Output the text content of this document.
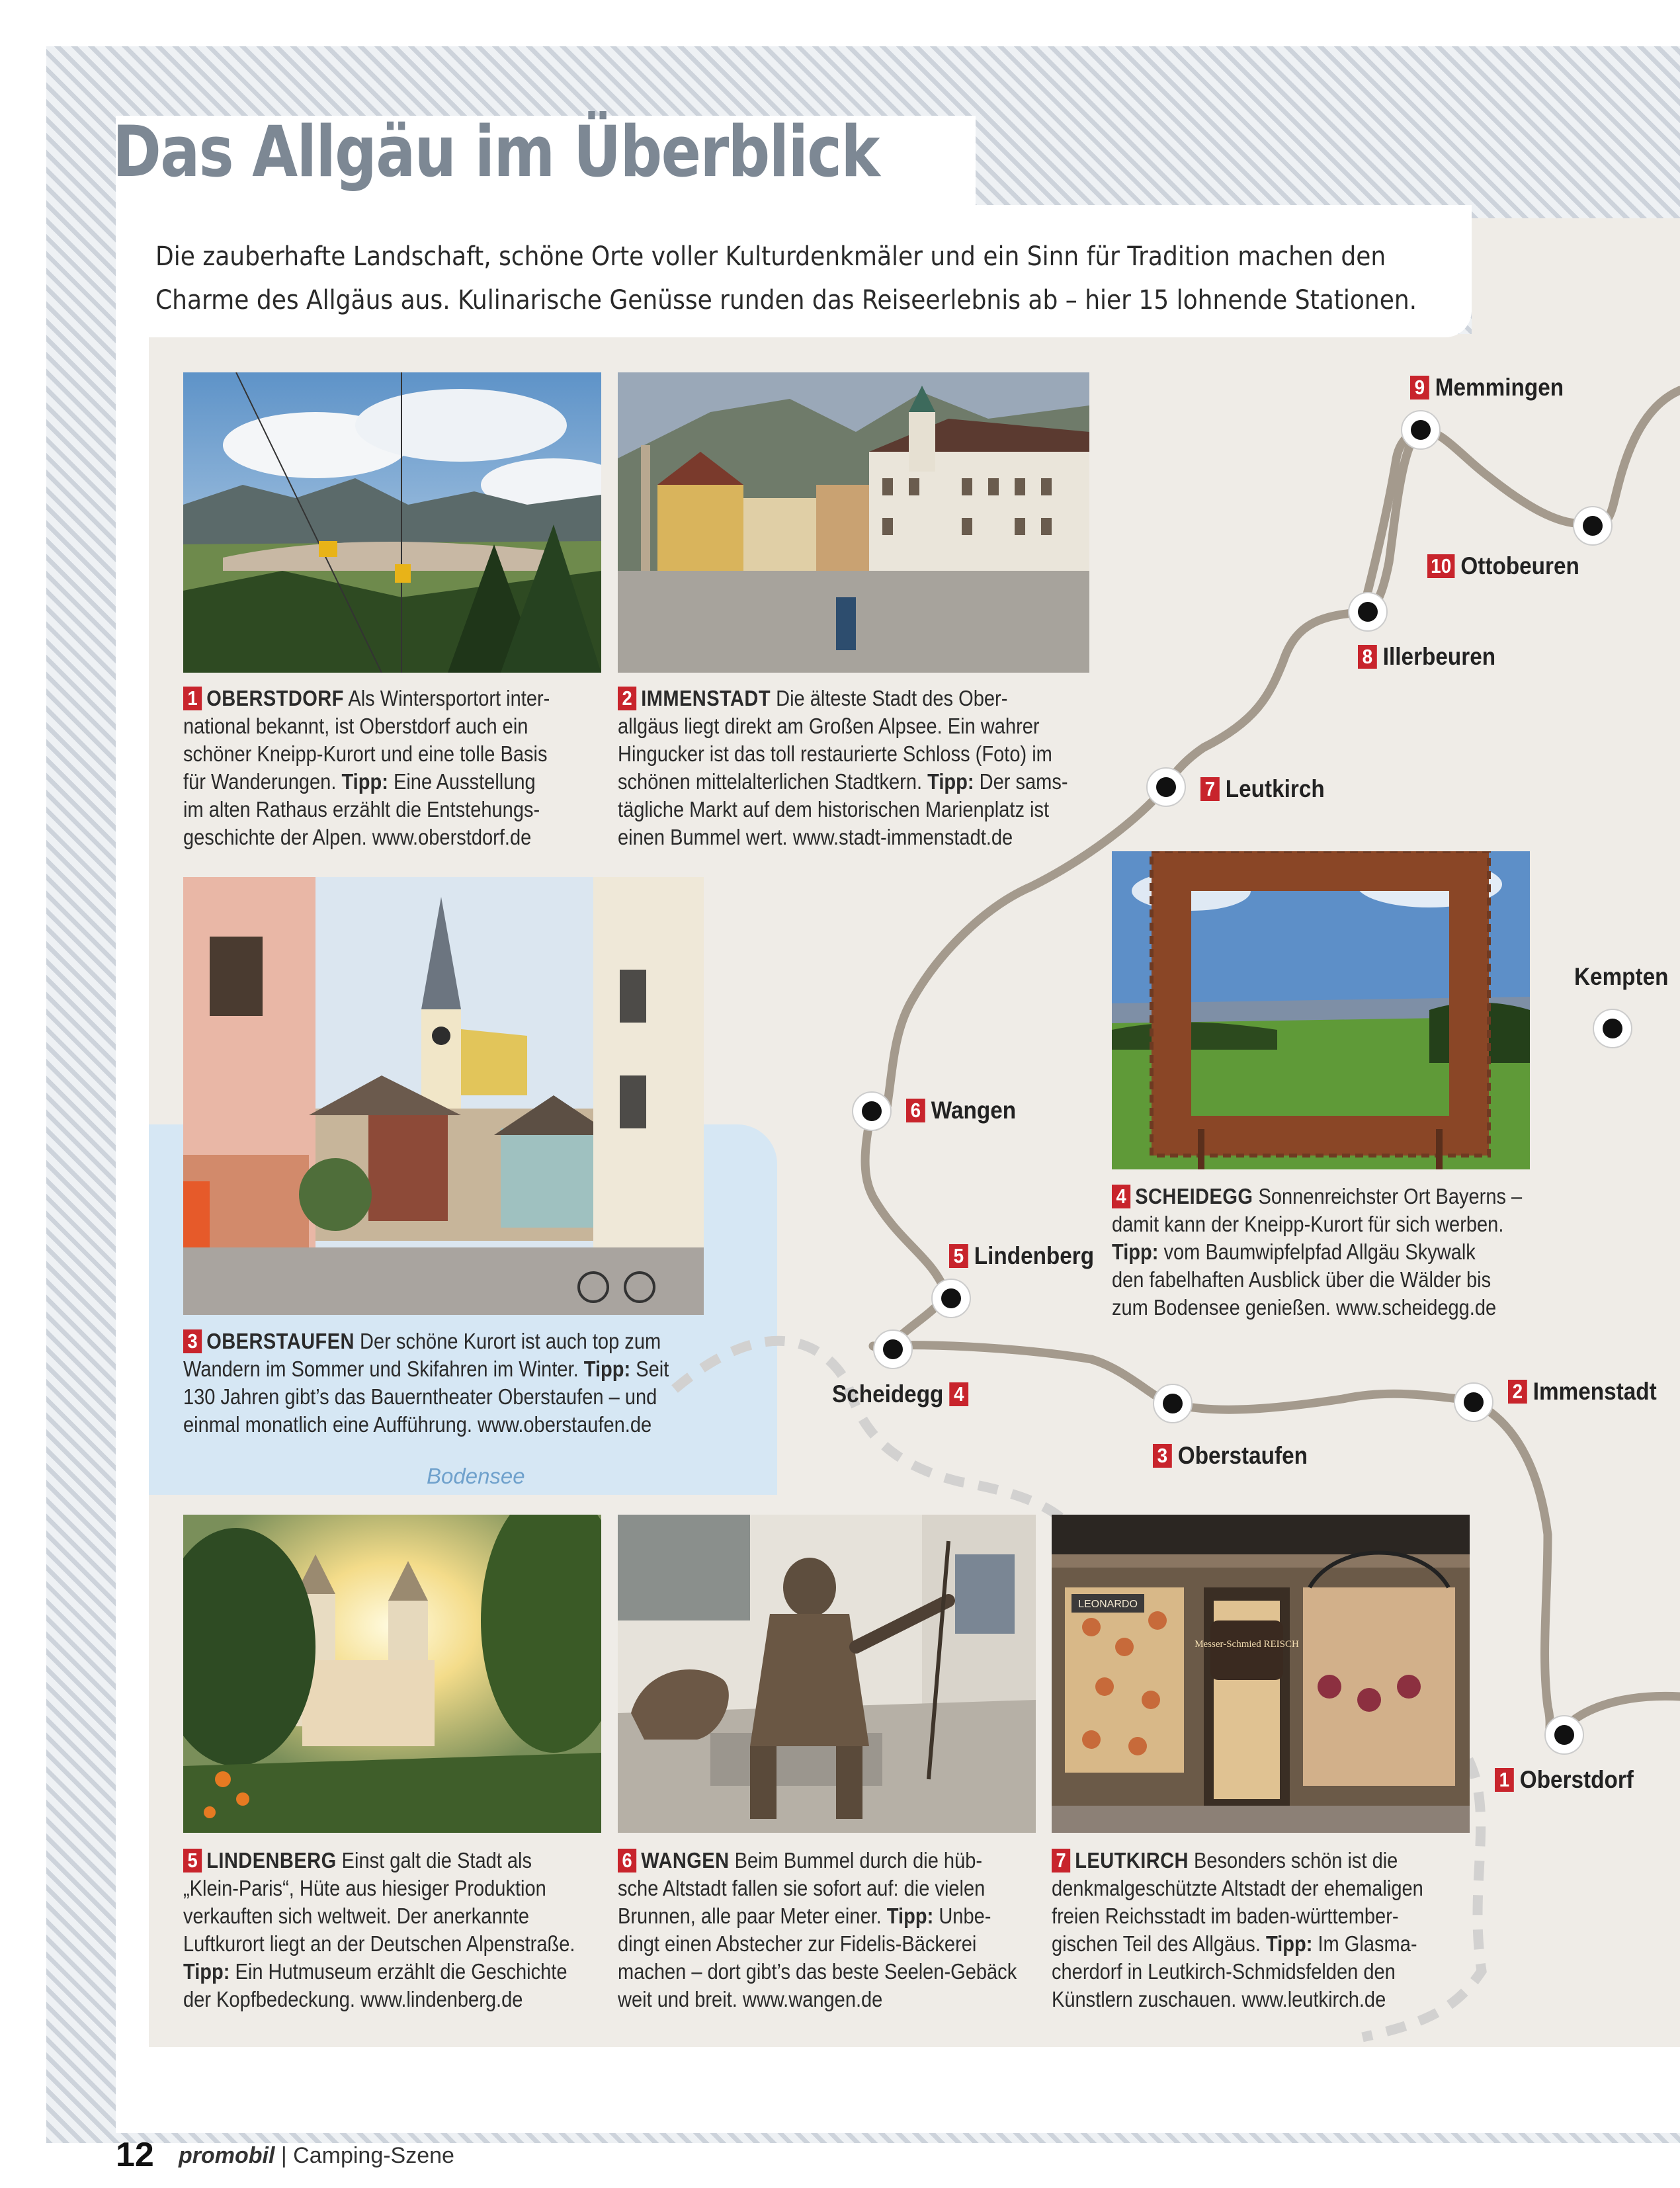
Das Allgäu im Überblick
Die zauberhafte Landschaft, schöne Orte voller Kulturdenkmäler und ein Sinn für Tradition machen den
Charme des Allgäus aus. Kulinarische Genüsse runden das Reiseerlebnis ab – hier 15 lohnende Stationen.
Bodensee
9 Memmingen
10 Ottobeuren
8 Illerbeuren
7 Leutkirch
Kempten
6 Wangen
5 Lindenberg
Scheidegg 4
3 Oberstaufen
2 Immenstadt
1 Oberstdorf
LEONARDO
Messer-Schmied REISCH
1 OBERSTDORF Als Wintersportort inter-
national bekannt, ist Oberstdorf auch ein
schöner Kneipp-Kurort und eine tolle Basis
für Wanderungen. Tipp: Eine Ausstellung
im alten Rathaus erzählt die Entstehungs-
geschichte der Alpen. www.oberstdorf.de
2 IMMENSTADT Die älteste Stadt des Ober-
allgäus liegt direkt am Großen Alpsee. Ein wahrer
Hingucker ist das toll restaurierte Schloss (Foto) im
schönen mittelalterlichen Stadtkern. Tipp: Der sams-
tägliche Markt auf dem historischen Marienplatz ist
einen Bummel wert. www.stadt-immenstadt.de
3 OBERSTAUFEN Der schöne Kurort ist auch top zum
Wandern im Sommer und Skifahren im Winter. Tipp: Seit
130 Jahren gibt’s das Bauerntheater Oberstaufen – und
einmal monatlich eine Aufführung. www.oberstaufen.de
4 SCHEIDEGG Sonnenreichster Ort Bayerns –
damit kann der Kneipp-Kurort für sich werben.
Tipp: vom Baumwipfelpfad Allgäu Skywalk
den fabelhaften Ausblick über die Wälder bis
zum Bodensee genießen. www.scheidegg.de
5 LINDENBERG Einst galt die Stadt als
„Klein-Paris“, Hüte aus hiesiger Produktion
verkauften sich weltweit. Der anerkannte
Luftkurort liegt an der Deutschen Alpenstraße.
Tipp: Ein Hutmuseum erzählt die Geschichte
der Kopfbedeckung. www.lindenberg.de
6 WANGEN Beim Bummel durch die hüb-
sche Altstadt fallen sie sofort auf: die vielen
Brunnen, alle paar Meter einer. Tipp: Unbe-
dingt einen Abstecher zur Fidelis-Bäckerei
machen – dort gibt’s das beste Seelen-Gebäck
weit und breit. www.wangen.de
7 LEUTKIRCH Besonders schön ist die
denkmalgeschützte Altstadt der ehemaligen
freien Reichsstadt im baden-württember-
gischen Teil des Allgäus. Tipp: Im Glasma-
cherdorf in Leutkirch-Schmidsfelden den
Künstlern zuschauen. www.leutkirch.de
12 promobil | Camping-Szene
